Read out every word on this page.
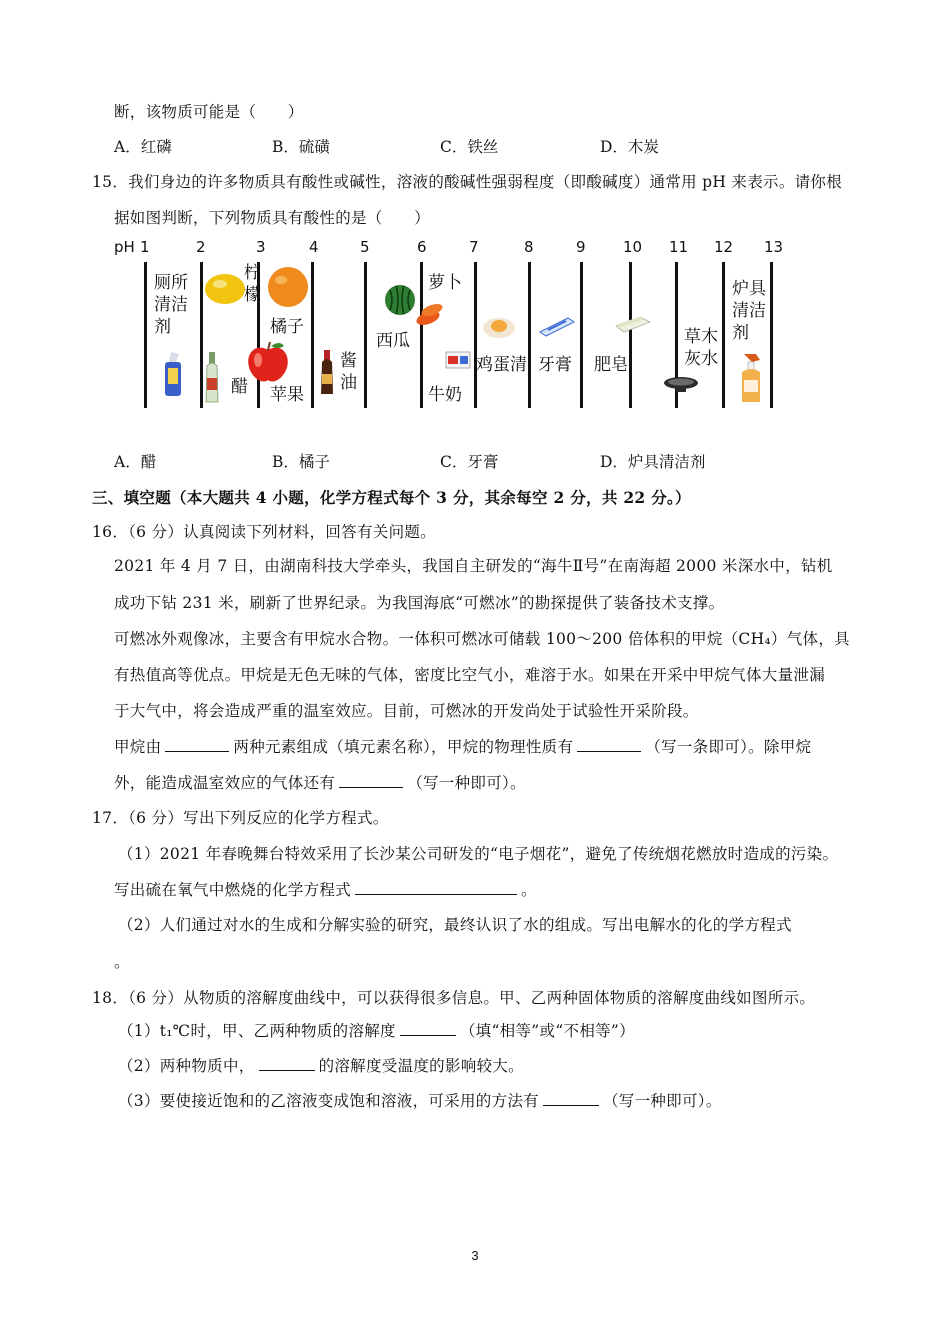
断，该物质可能是（　　）
A．红磷	B．硫磺	C．铁丝	D．木炭
15．我们身边的许多物质具有酸性或碱性，溶液的酸碱性强弱程度（即酸碱度）通常用 pH 来表示。请你根
据如图判断，下列物质具有酸性的是（　　）
pH 1	2	3	4	5	6	7	8	9 10 11 12 13
厕所
清洁
剂
醋
柠
檬
苹果
橘子
酱
油
西瓜
萝卜
牛奶
鸡蛋清 牙膏 肥皂
草木
灰水
炉具
清洁
剂
A．醋	B．橘子	C．牙膏	D．炉具清洁剂
三、填空题（本大题共 4 小题，化学方程式每个 3 分，其余每空 2 分，共 22 分。）
16．（6 分）认真阅读下列材料，回答有关问题。
2021 年 4 月 7 日，由湖南科技大学牵头，我国自主研发的“海牛Ⅱ号”在南海超 2000 米深水中，钻机
成功下钻 231 米，刷新了世界纪录。为我国海底“可燃冰”的勘探提供了装备技术支撑。
可燃冰外观像冰，主要含有甲烷水合物。一体积可燃冰可储载 100～200 倍体积的甲烷（CH₄）气体，具
有热值高等优点。甲烷是无色无味的气体，密度比空气小，难溶于水。如果在开采中甲烷气体大量泄漏
于大气中，将会造成严重的温室效应。目前，可燃冰的开发尚处于试验性开采阶段。
甲烷由	两种元素组成（填元素名称），甲烷的物理性质有	（写一条即可）。除甲烷
外，能造成温室效应的气体还有	（写一种即可）。
17．（6 分）写出下列反应的化学方程式。
（1）2021 年春晚舞台特效采用了长沙某公司研发的“电子烟花”，避免了传统烟花燃放时造成的污染。
写出硫在氧气中燃烧的化学方程式	。
（2）人们通过对水的生成和分解实验的研究，最终认识了水的组成。写出电解水的化的学方程式
。
18．（6 分）从物质的溶解度曲线中，可以获得很多信息。甲、乙两种固体物质的溶解度曲线如图所示。
（1）t₁℃时，甲、乙两种物质的溶解度	（填“相等”或“不相等”）
（2）两种物质中，	的溶解度受温度的影响较大。
（3）要使接近饱和的乙溶液变成饱和溶液，可采用的方法有	（写一种即可）。
3
